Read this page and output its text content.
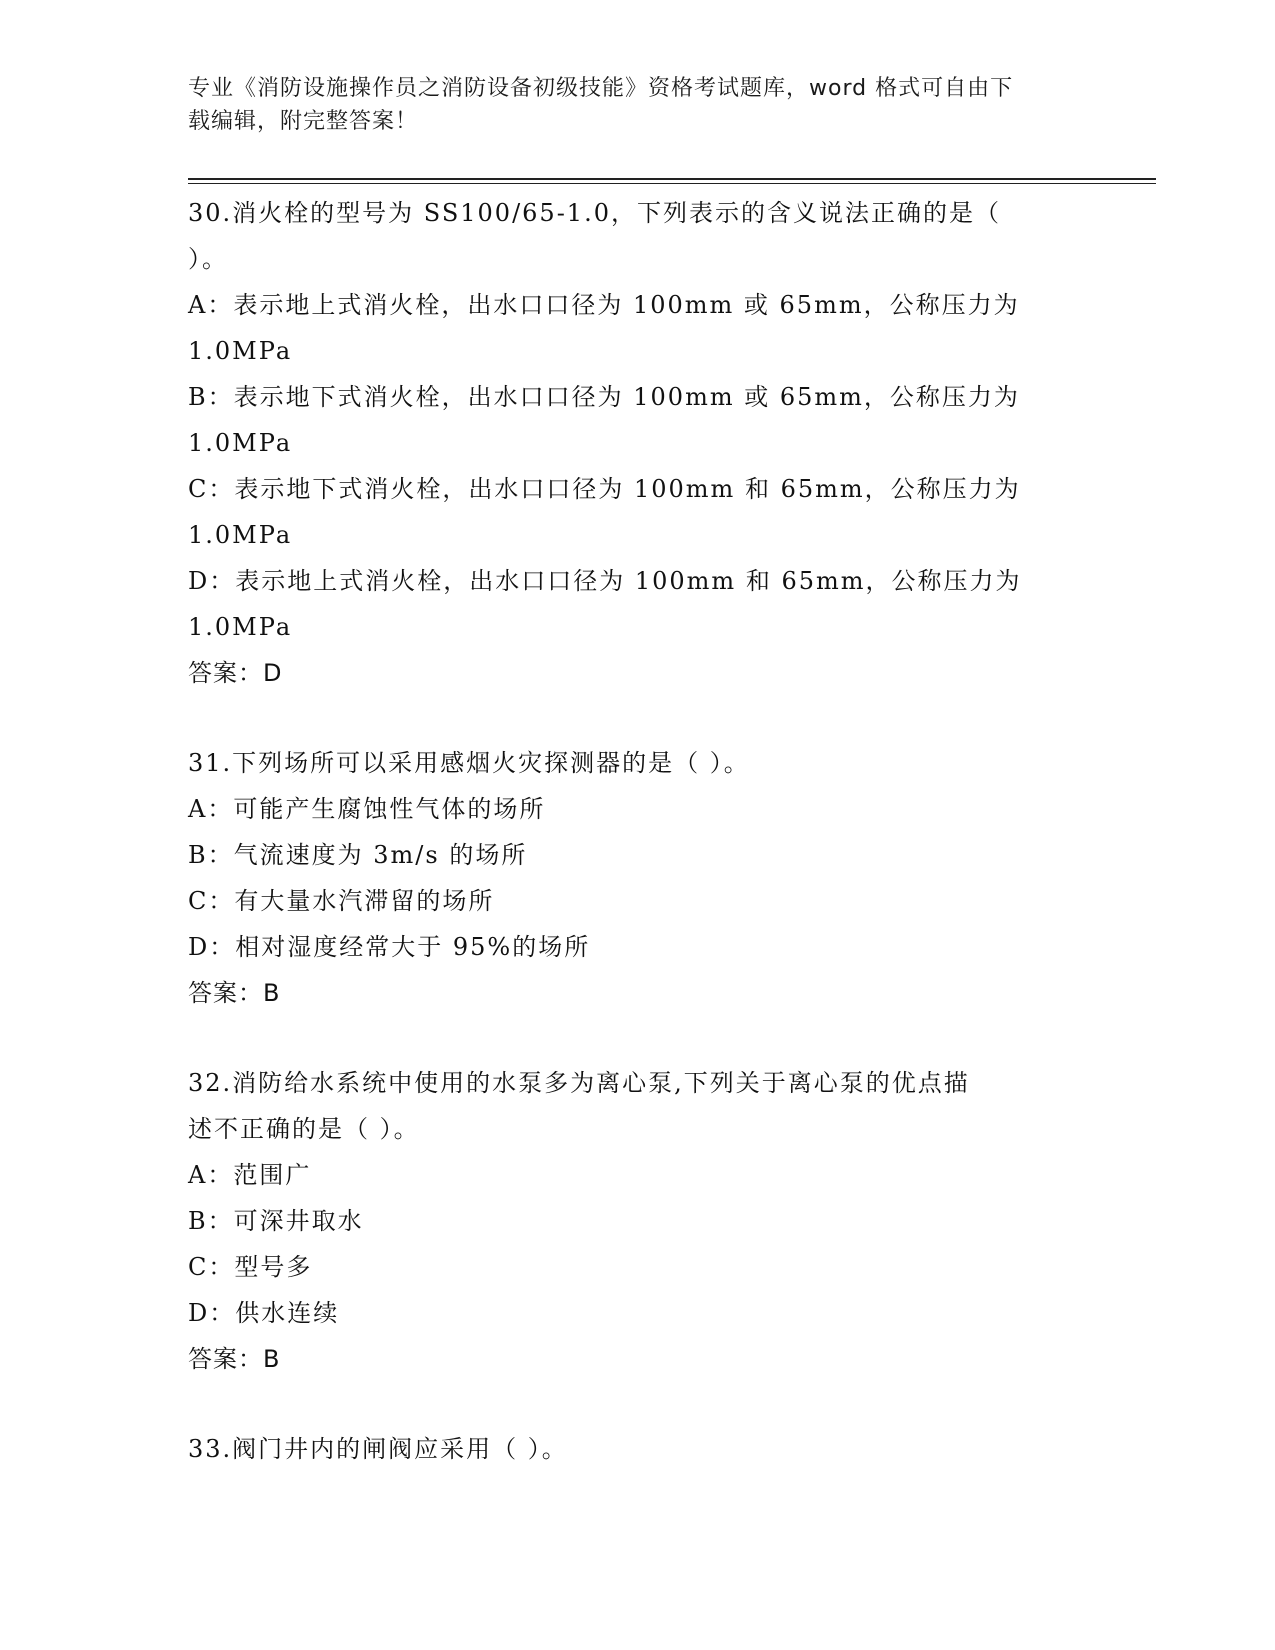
专业《消防设施操作员之消防设备初级技能》资格考试题库，word 格式可自由下
载编辑，附完整答案！

30.消火栓的型号为 SS100/65-1.0，下列表示的含义说法正确的是（

）。

A：表示地上式消火栓，出水口口径为 100mm 或 65mm，公称压力为

1.0MPa

B：表示地下式消火栓，出水口口径为 100mm 或 65mm，公称压力为

1.0MPa

C：表示地下式消火栓，出水口口径为 100mm 和 65mm，公称压力为

1.0MPa

D：表示地上式消火栓，出水口口径为 100mm 和 65mm，公称压力为

1.0MPa

答案：D

31.下列场所可以采用感烟火灾探测器的是（ ）。

A：可能产生腐蚀性气体的场所

B：气流速度为 3m/s 的场所

C：有大量水汽滞留的场所

D：相对湿度经常大于 95%的场所

答案：B

32.消防给水系统中使用的水泵多为离心泵,下列关于离心泵的优点描

述不正确的是（ ）。

A：范围广

B：可深井取水

C：型号多

D：供水连续

答案：B

33.阀门井内的闸阀应采用（ ）。
